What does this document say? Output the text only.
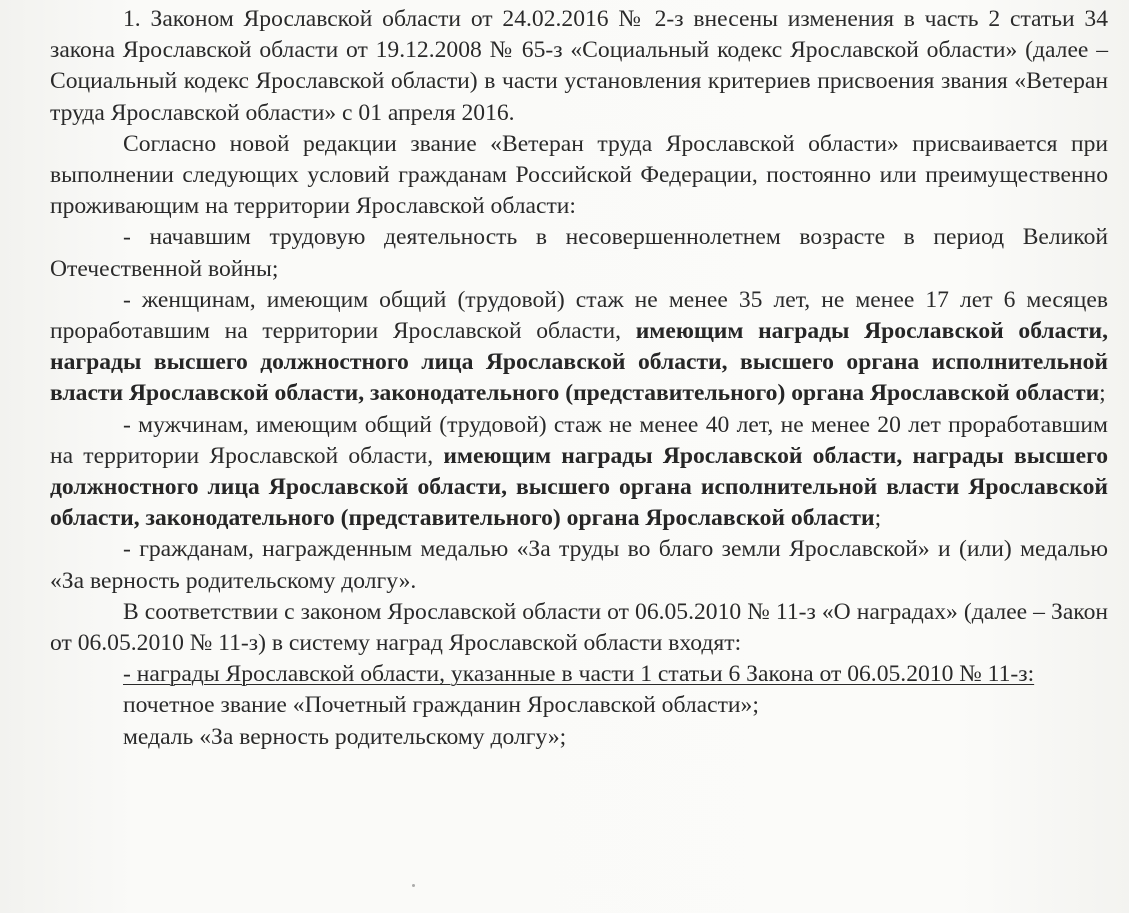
1. Законом Ярославской области от 24.02.2016 № 2-з внесены изменения в часть 2 статьи 34 закона Ярославской области от 19.12.2008 № 65-з «Социальный кодекс Ярославской области» (далее – Социальный кодекс Ярославской области) в части установления критериев присвоения звания «Ветеран труда Ярославской области» с 01 апреля 2016.

Согласно новой редакции звание «Ветеран труда Ярославской области» присваивается при выполнении следующих условий гражданам Российской Федерации, постоянно или преимущественно проживающим на территории Ярославской области:

- начавшим трудовую деятельность в несовершеннолетнем возрасте в период Великой Отечественной войны;

- женщинам, имеющим общий (трудовой) стаж не менее 35 лет, не менее 17 лет 6 месяцев проработавшим на территории Ярославской области, имеющим награды Ярославской области, награды высшего должностного лица Ярославской области, высшего органа исполнительной власти Ярославской области, законодательного (представительного) органа Ярославской области;

- мужчинам, имеющим общий (трудовой) стаж не менее 40 лет, не менее 20 лет проработавшим на территории Ярославской области, имеющим награды Ярославской области, награды высшего должностного лица Ярославской области, высшего органа исполнительной власти Ярославской области, законодательного (представительного) органа Ярославской области;

- гражданам, награжденным медалью «За труды во благо земли Ярославской» и (или) медалью «За верность родительскому долгу».

В соответствии с законом Ярославской области от 06.05.2010 № 11-з «О наградах» (далее – Закон от 06.05.2010 № 11-з) в систему наград Ярославской области входят:

- награды Ярославской области, указанные в части 1 статьи 6 Закона от 06.05.2010 № 11-з:

почетное звание «Почетный гражданин Ярославской области»;

медаль «За верность родительскому долгу»;
